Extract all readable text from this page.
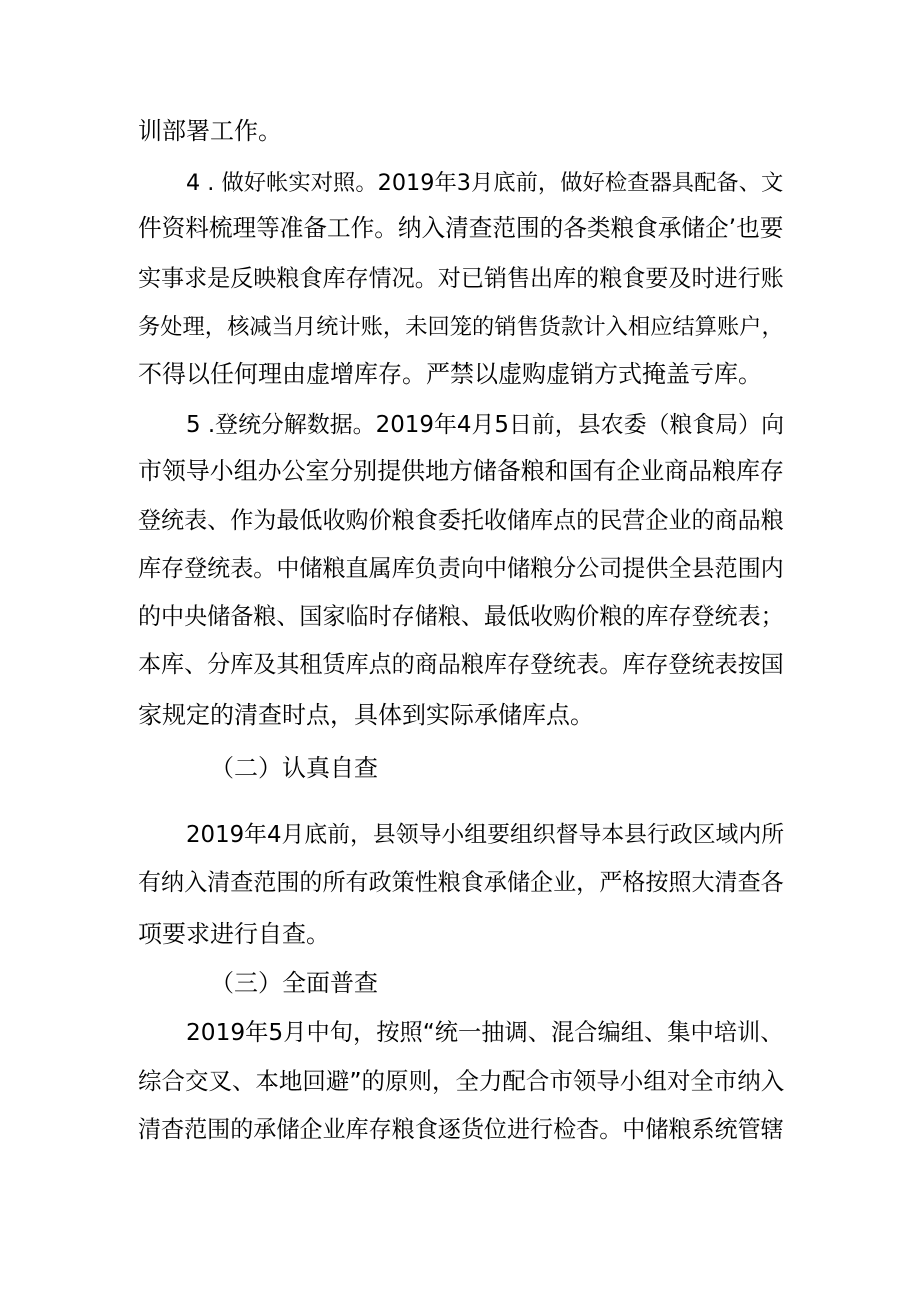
训部署工作。

4 . 做好帐实对照。2019年3月底前，做好检查器具配备、文

件资料梳理等准备工作。纳入清查范围的各类粮食承储企’也要

实事求是反映粮食库存情况。对已销售出库的粮食要及时进行账

务处理，核减当月统计账，未回笼的销售货款计入相应结算账户，

不得以任何理由虚增库存。严禁以虚购虚销方式掩盖亏库。

5 .登统分解数据。2019年4月5日前，县农委（粮食局）向

市领导小组办公室分别提供地方储备粮和国有企业商品粮库存

登统表、作为最低收购价粮食委托收储库点的民营企业的商品粮

库存登统表。中储粮直属库负责向中储粮分公司提供全县范围内

的中央储备粮、国家临时存储粮、最低收购价粮的库存登统表；

本库、分库及其租赁库点的商品粮库存登统表。库存登统表按国

家规定的清查时点，具体到实际承储库点。

（二）认真自查

2019年4月底前，县领导小组要组织督导本县行政区域内所

有纳入清查范围的所有政策性粮食承储企业，严格按照大清查各

项要求进行自查。

（三）全面普查

2019年5月中旬，按照“统一抽调、混合编组、集中培训、

综合交叉、本地回避”的原则，全力配合市领导小组对全市纳入

清杳范围的承储企业库存粮食逐货位进行检杳。中储粮系统管辖
